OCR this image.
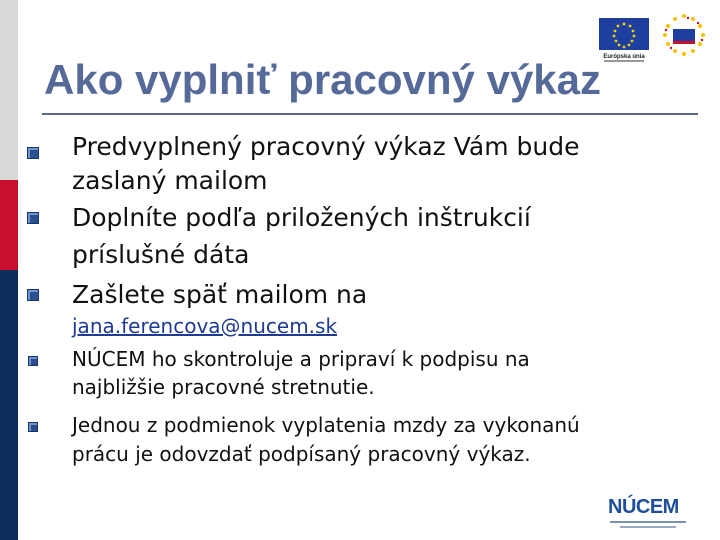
Európska únia
Ako vyplniť pracovný výkaz
Predvyplnený pracovný výkaz Vám bude
zaslaný mailom
Doplníte podľa priložených inštrukcií
príslušné dáta
Zašlete späť mailom na
jana.ferencova@nucem.sk
NÚCEM ho skontroluje a pripraví k podpisu na
najbližšie pracovné stretnutie.
Jednou z podmienok vyplatenia mzdy za vykonanú
prácu je odovzdať podpísaný pracovný výkaz.
NÚCEM
